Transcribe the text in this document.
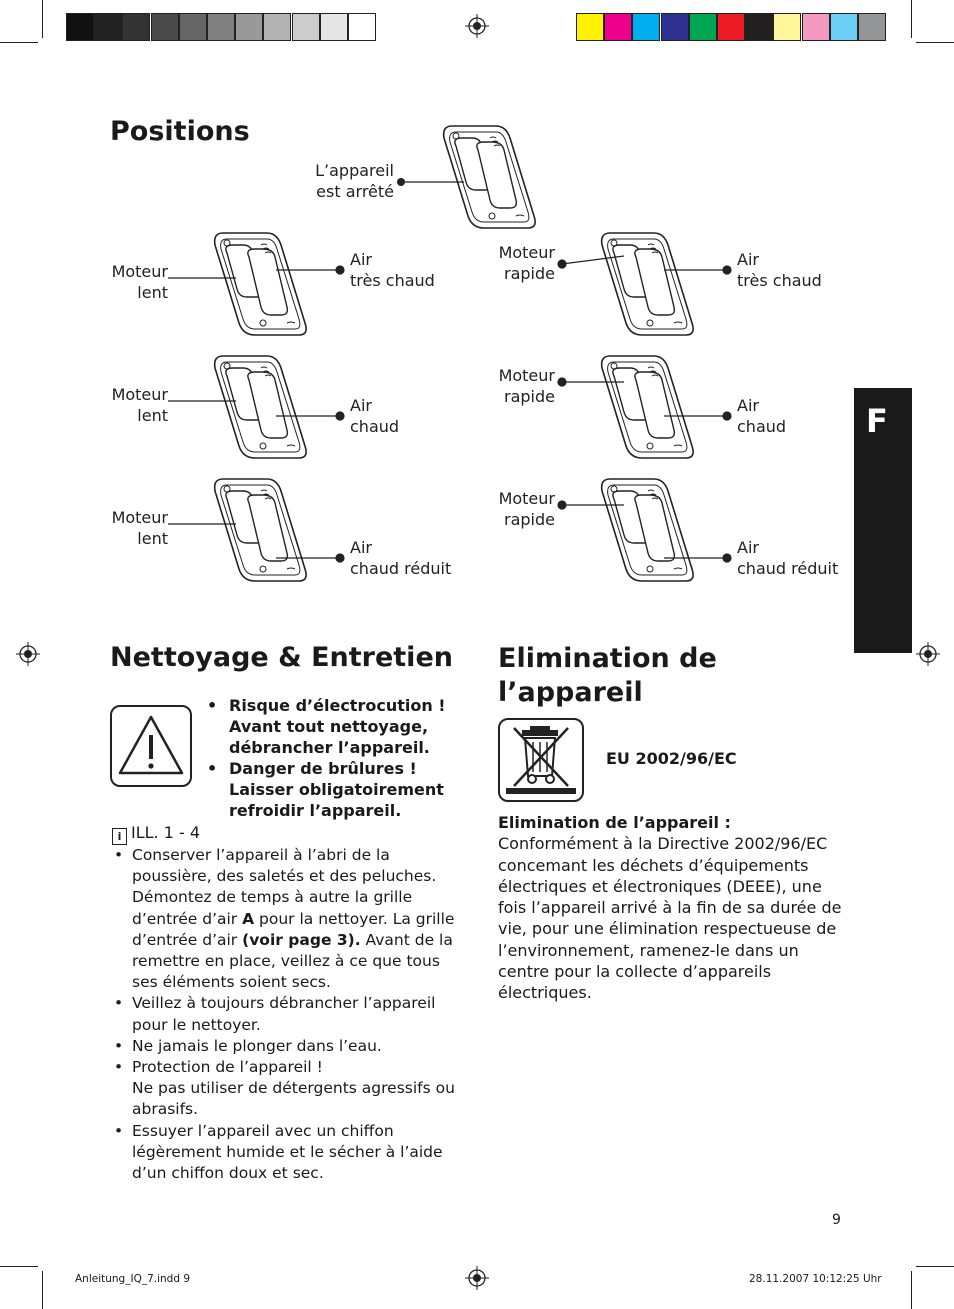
F
Positions
L’appareil
est arrêté
Moteur
lent
Air
très chaud
Moteur
rapide
Air
très chaud
Moteur
lent
Air
chaud
Moteur
rapide	Air
chaud
Moteur
lent	Air
chaud réduit
Moteur
rapide
Air
chaud réduit
Nettoyage & Entretien
• Risque d’électrocution ! Avant tout nettoyage, débrancher l’appareil.
• Danger de brûlures ! Laisser obligatoirement refroidir l’appareil.
i ILL. 1 - 4
• Conserver l’appareil à l’abri de la poussière, des saletés et des peluches. Démontez de temps à autre la grille d’entrée d’air A pour la nettoyer. La grille d’entrée d’air (voir page 3). Avant de la remettre en place, veillez à ce que tous ses éléments soient secs.
• Veillez à toujours débrancher l’appareil pour le nettoyer.
• Ne jamais le plonger dans l’eau.
• Protection de l’appareil !
Ne pas utiliser de détergents agressifs ou abrasifs.
• Essuyer l’appareil avec un chiffon légèrement humide et le sécher à l’aide d’un chiffon doux et sec.
Elimination de l’appareil
EU 2002/96/EC
Elimination de l’appareil :
Conformément à la Directive 2002/96/EC concemant les déchets d’équipements électriques et électroniques (DEEE), une fois l’appareil arrivé à la fin de sa durée de vie, pour une élimination respectueuse de l’environnement, ramenez-le dans un centre pour la collecte d’appareils électriques.
9
Anleitung_IQ_7.indd 9	28.11.2007 10:12:25 Uhr
